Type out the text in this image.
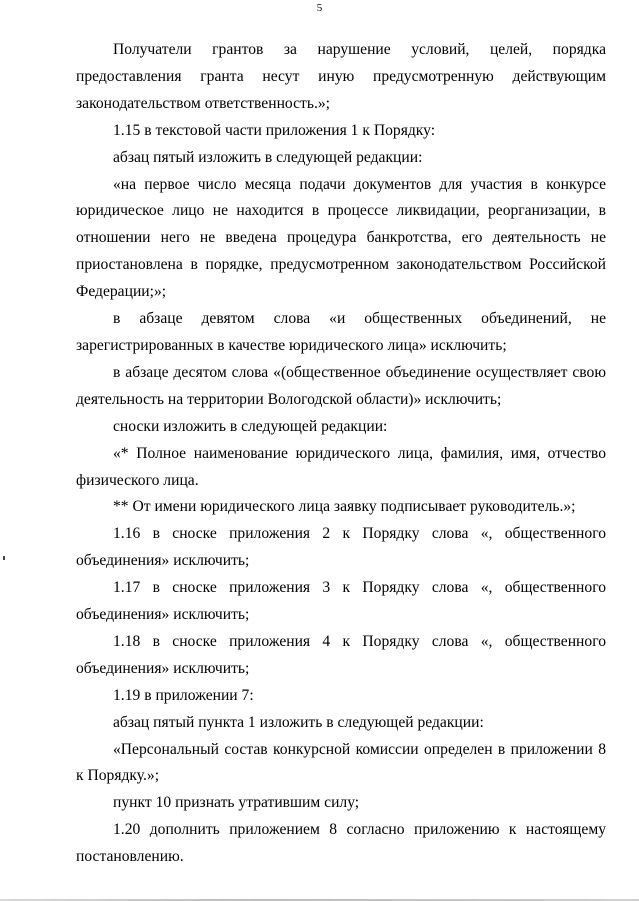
5

Получатели грантов за нарушение условий, целей, порядка предоставления гранта несут иную предусмотренную действующим законодательством ответственность.»;

1.15 в текстовой части приложения 1 к Порядку:

абзац пятый изложить в следующей редакции:

«на первое число месяца подачи документов для участия в конкурсе юридическое лицо не находится в процессе ликвидации, реорганизации, в отношении него не введена процедура банкротства, его деятельность не приостановлена в порядке, предусмотренном законодательством Российской Федерации;»;

в абзаце девятом слова «и общественных объединений, не зарегистрированных в качестве юридического лица» исключить;

в абзаце десятом слова «(общественное объединение осуществляет свою деятельность на территории Вологодской области)» исключить;

сноски изложить в следующей редакции:

«* Полное наименование юридического лица, фамилия, имя, отчество физического лица.

** От имени юридического лица заявку подписывает руководитель.»;

1.16 в сноске приложения 2 к Порядку слова «, общественного объединения» исключить;

1.17 в сноске приложения 3 к Порядку слова «, общественного объединения» исключить;

1.18 в сноске приложения 4 к Порядку слова «, общественного объединения» исключить;

1.19 в приложении 7:

абзац пятый пункта 1 изложить в следующей редакции:

«Персональный состав конкурсной комиссии определен в приложении 8 к Порядку.»;

пункт 10 признать утратившим силу;

1.20 дополнить приложением 8 согласно приложению к настоящему постановлению.
